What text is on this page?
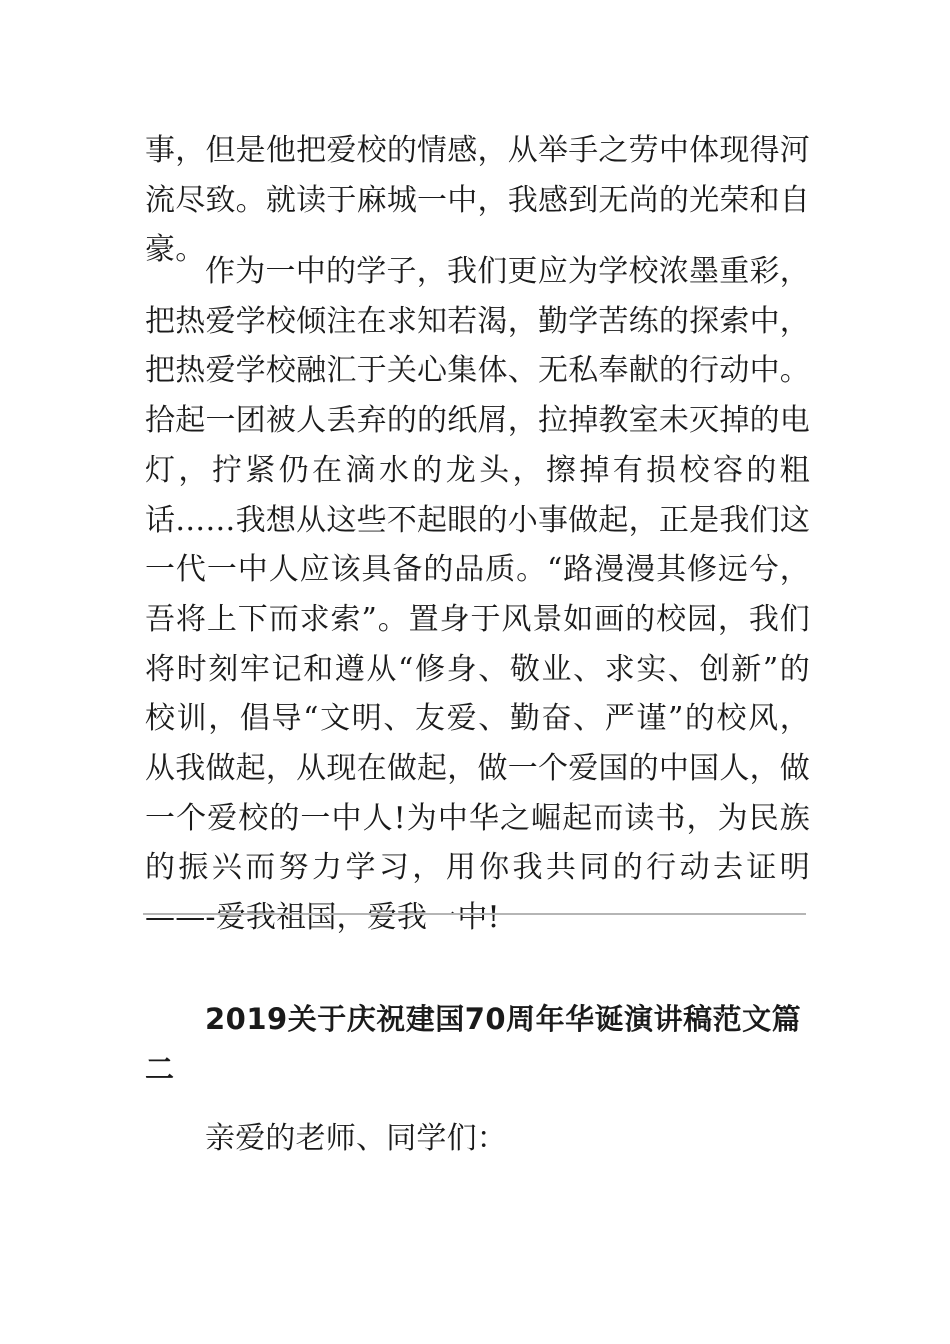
事，但是他把爱校的情感，从举手之劳中体现得河流尽致。就读于麻城一中，我感到无尚的光荣和自豪。

作为一中的学子，我们更应为学校浓墨重彩，把热爱学校倾注在求知若渴，勤学苦练的探索中，把热爱学校融汇于关心集体、无私奉献的行动中。拾起一团被人丢弃的的纸屑，拉掉教室未灭掉的电灯，拧紧仍在滴水的龙头，擦掉有损校容的粗话……我想从这些不起眼的小事做起，正是我们这一代一中人应该具备的品质。“路漫漫其修远兮，吾将上下而求索”。置身于风景如画的校园，我们将时刻牢记和遵从“修身、敬业、求实、创新”的校训，倡导“文明、友爱、勤奋、严谨”的校风，从我做起，从现在做起，做一个爱国的中国人，做一个爱校的一中人!为中华之崛起而读书，为民族的振兴而努力学习，用你我共同的行动去证明——-爱我祖国，爱我一中!

2019关于庆祝建国70周年华诞演讲稿范文篇二

亲爱的老师、同学们：
